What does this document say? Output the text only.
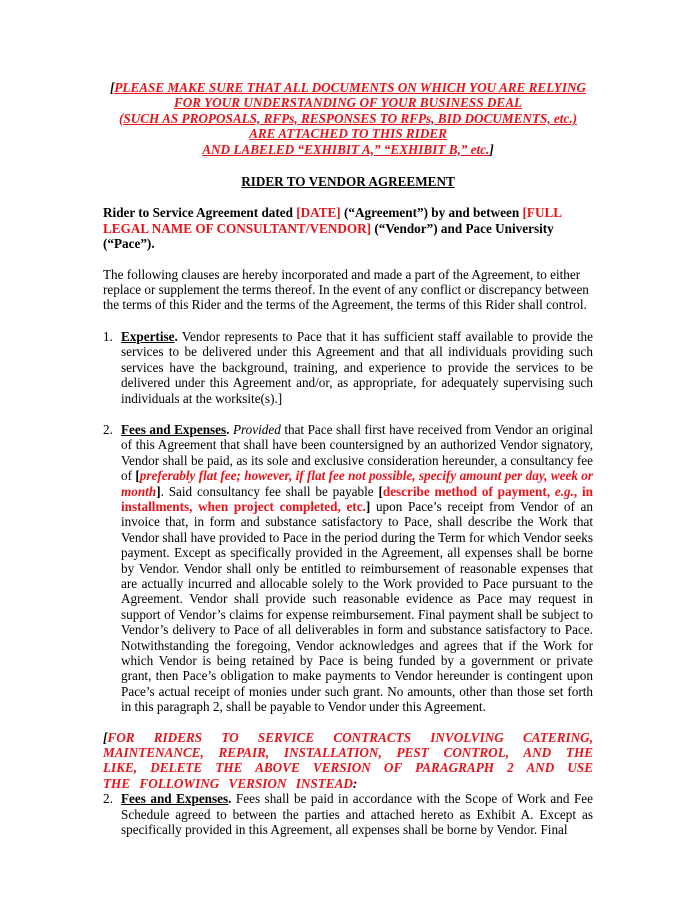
[PLEASE MAKE SURE THAT ALL DOCUMENTS ON WHICH YOU ARE RELYING
FOR YOUR UNDERSTANDING OF YOUR BUSINESS DEAL
(SUCH AS PROPOSALS, RFPs, RESPONSES TO RFPs, BID DOCUMENTS, etc.)
ARE ATTACHED TO THIS RIDER
AND LABELED “EXHIBIT A,” “EXHIBIT B,” etc.]

RIDER TO VENDOR AGREEMENT

Rider to Service Agreement dated [DATE] (“Agreement”) by and between [FULL LEGAL NAME OF CONSULTANT/VENDOR] (“Vendor”) and Pace University (“Pace”).

The following clauses are hereby incorporated and made a part of the Agreement, to either replace or supplement the terms thereof. In the event of any conflict or discrepancy between the terms of this Rider and the terms of the Agreement, the terms of this Rider shall control.

1. Expertise. Vendor represents to Pace that it has sufficient staff available to provide the services to be delivered under this Agreement and that all individuals providing such services have the background, training, and experience to provide the services to be delivered under this Agreement and/or, as appropriate, for adequately supervising such individuals at the worksite(s).]

2. Fees and Expenses. Provided that Pace shall first have received from Vendor an original of this Agreement that shall have been countersigned by an authorized Vendor signatory, Vendor shall be paid, as its sole and exclusive consideration hereunder, a consultancy fee of [preferably flat fee; however, if flat fee not possible, specify amount per day, week or month]. Said consultancy fee shall be payable [describe method of payment, e.g., in installments, when project completed, etc.] upon Pace’s receipt from Vendor of an invoice that, in form and substance satisfactory to Pace, shall describe the Work that Vendor shall have provided to Pace in the period during the Term for which Vendor seeks payment. Except as specifically provided in the Agreement, all expenses shall be borne by Vendor. Vendor shall only be entitled to reimbursement of reasonable expenses that are actually incurred and allocable solely to the Work provided to Pace pursuant to the Agreement. Vendor shall provide such reasonable evidence as Pace may request in support of Vendor’s claims for expense reimbursement. Final payment shall be subject to Vendor’s delivery to Pace of all deliverables in form and substance satisfactory to Pace. Notwithstanding the foregoing, Vendor acknowledges and agrees that if the Work for which Vendor is being retained by Pace is being funded by a government or private grant, then Pace’s obligation to make payments to Vendor hereunder is contingent upon Pace’s actual receipt of monies under such grant. No amounts, other than those set forth in this paragraph 2, shall be payable to Vendor under this Agreement.

[FOR RIDERS TO SERVICE CONTRACTS INVOLVING CATERING, MAINTENANCE, REPAIR, INSTALLATION, PEST CONTROL, AND THE LIKE, DELETE THE ABOVE VERSION OF PARAGRAPH 2 AND USE THE FOLLOWING VERSION INSTEAD:

2. Fees and Expenses. Fees shall be paid in accordance with the Scope of Work and Fee Schedule agreed to between the parties and attached hereto as Exhibit A. Except as specifically provided in this Agreement, all expenses shall be borne by Vendor. Final
